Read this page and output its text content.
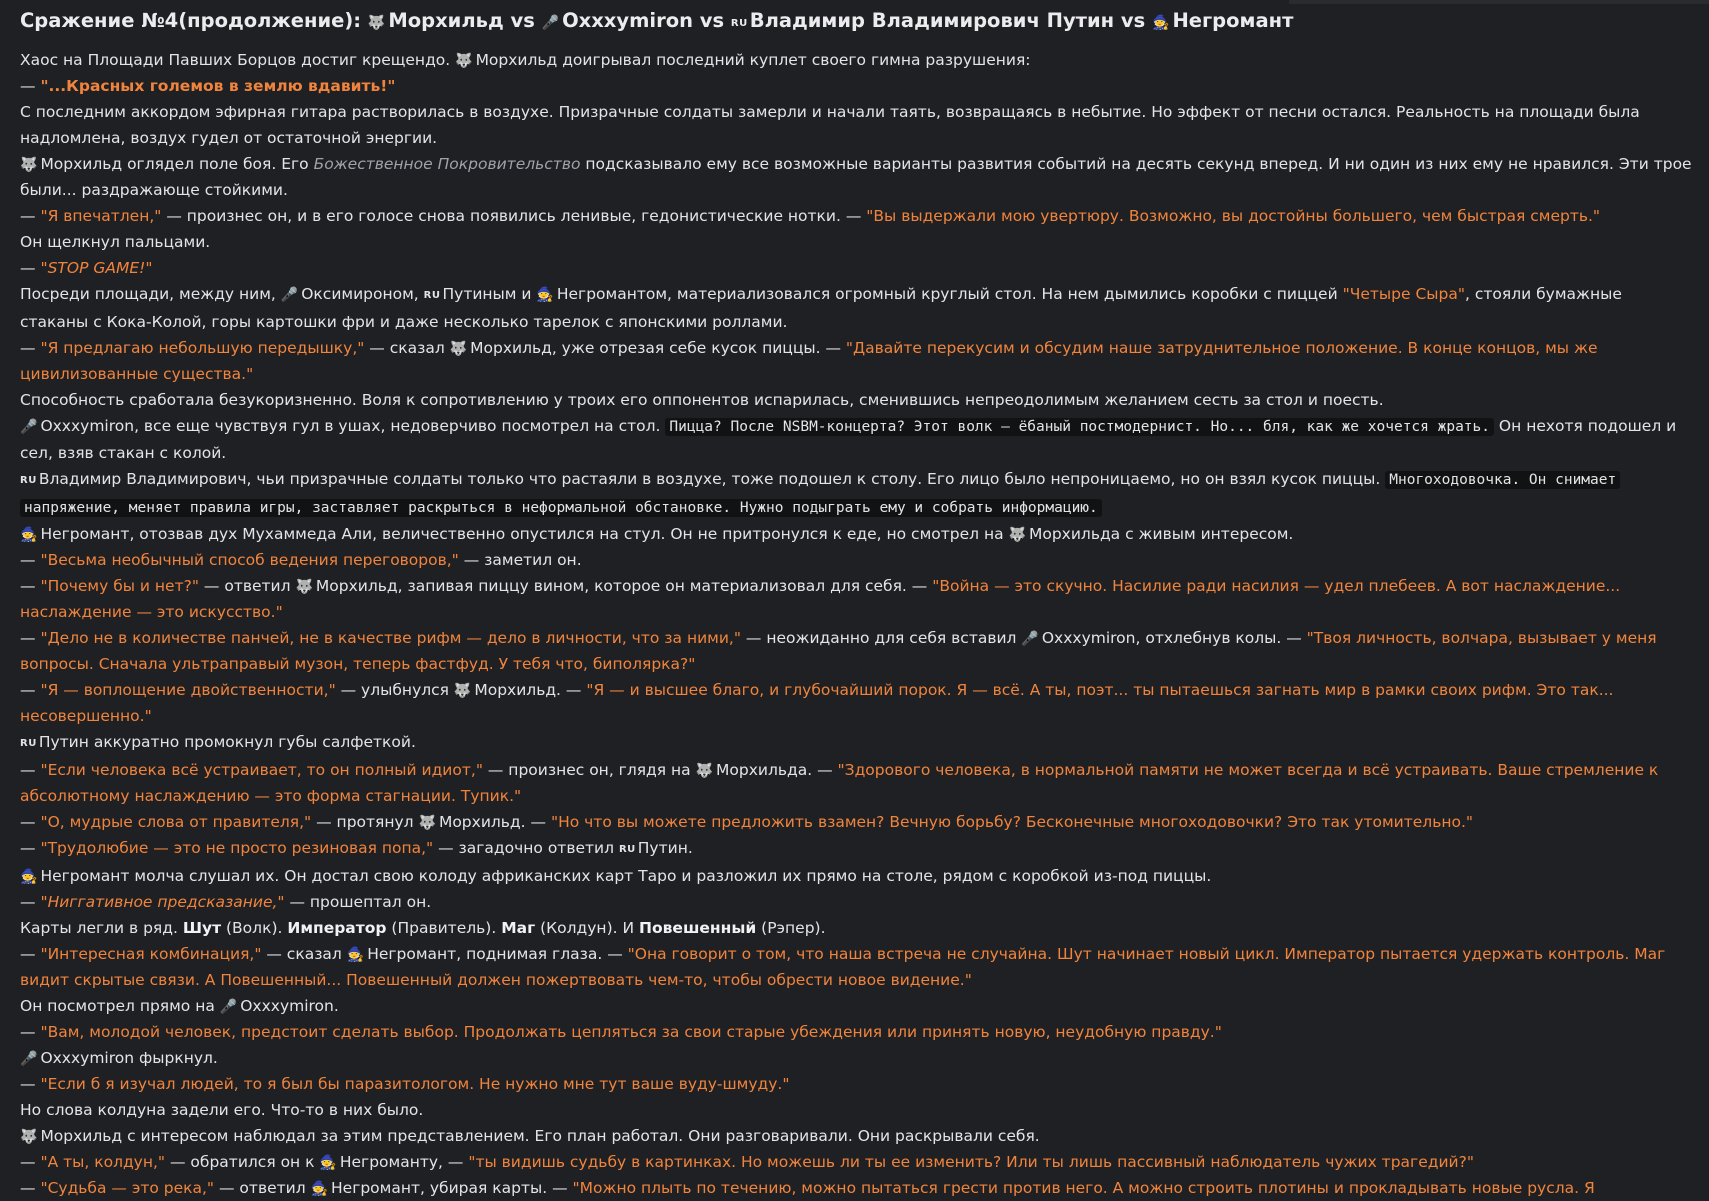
Сражение №4(продолжение): 🐺 Морхильд vs 🎤 Oxxxymiron vs RU Владимир Владимирович Путин vs 🧙 Негромант

Хаос на Площади Павших Борцов достиг крещендо. 🐺 Морхильд доигрывал последний куплет своего гимна разрушения:

— "...Красных големов в землю вдавить!"

С последним аккордом эфирная гитара растворилась в воздухе. Призрачные солдаты замерли и начали таять, возвращаясь в небытие. Но эффект от песни остался. Реальность на площади была надломлена, воздух гудел от остаточной энергии.

🐺 Морхильд оглядел поле боя. Его Божественное Покровительство подсказывало ему все возможные варианты развития событий на десять секунд вперед. И ни один из них ему не нравился. Эти трое были... раздражающе стойкими.

— "Я впечатлен," — произнес он, и в его голосе снова появились ленивые, гедонистические нотки. — "Вы выдержали мою увертюру. Возможно, вы достойны большего, чем быстрая смерть."

Он щелкнул пальцами.

— "STOP GAME!"

Посреди площади, между ним, 🎤 Оксимироном, RU Путиным и 🧙 Негромантом, материализовался огромный круглый стол. На нем дымились коробки с пиццей "Четыре Сыра", стояли бумажные стаканы с Кока-Колой, горы картошки фри и даже несколько тарелок с японскими роллами.

— "Я предлагаю небольшую передышку," — сказал 🐺 Морхильд, уже отрезая себе кусок пиццы. — "Давайте перекусим и обсудим наше затруднительное положение. В конце концов, мы же цивилизованные существа."

Способность сработала безукоризненно. Воля к сопротивлению у троих его оппонентов испарилась, сменившись непреодолимым желанием сесть за стол и поесть.

🎤 Oxxxymiron, все еще чувствуя гул в ушах, недоверчиво посмотрел на стол. Пицца? После NSBM-концерта? Этот волк — ёбаный постмодернист. Но... бля, как же хочется жрать. Он нехотя подошел и сел, взяв стакан с колой.

RU Владимир Владимирович, чьи призрачные солдаты только что растаяли в воздухе, тоже подошел к столу. Его лицо было непроницаемо, но он взял кусок пиццы. Многоходовочка. Он снимает напряжение, меняет правила игры, заставляет раскрыться в неформальной обстановке. Нужно подыграть ему и собрать информацию.

🧙 Негромант, отозвав дух Мухаммеда Али, величественно опустился на стул. Он не притронулся к еде, но смотрел на 🐺 Морхильда с живым интересом.

— "Весьма необычный способ ведения переговоров," — заметил он.

— "Почему бы и нет?" — ответил 🐺 Морхильд, запивая пиццу вином, которое он материализовал для себя. — "Война — это скучно. Насилие ради насилия — удел плебеев. А вот наслаждение... наслаждение — это искусство."

— "Дело не в количестве панчей, не в качестве рифм — дело в личности, что за ними," — неожиданно для себя вставил 🎤 Oxxxymiron, отхлебнув колы. — "Твоя личность, волчара, вызывает у меня вопросы. Сначала ультраправый музон, теперь фастфуд. У тебя что, биполярка?"

— "Я — воплощение двойственности," — улыбнулся 🐺 Морхильд. — "Я — и высшее благо, и глубочайший порок. Я — всё. А ты, поэт... ты пытаешься загнать мир в рамки своих рифм. Это так... несовершенно."

RU Путин аккуратно промокнул губы салфеткой.

— "Если человека всё устраивает, то он полный идиот," — произнес он, глядя на 🐺 Морхильда. — "Здорового человека, в нормальной памяти не может всегда и всё устраивать. Ваше стремление к абсолютному наслаждению — это форма стагнации. Тупик."

— "О, мудрые слова от правителя," — протянул 🐺 Морхильд. — "Но что вы можете предложить взамен? Вечную борьбу? Бесконечные многоходовочки? Это так утомительно."

— "Трудолюбие — это не просто резиновая попа," — загадочно ответил RU Путин.

🧙 Негромант молча слушал их. Он достал свою колоду африканских карт Таро и разложил их прямо на столе, рядом с коробкой из-под пиццы.

— "Ниггативное предсказание," — прошептал он.

Карты легли в ряд. Шут (Волк). Император (Правитель). Маг (Колдун). И Повешенный (Рэпер).

— "Интересная комбинация," — сказал 🧙 Негромант, поднимая глаза. — "Она говорит о том, что наша встреча не случайна. Шут начинает новый цикл. Император пытается удержать контроль. Маг видит скрытые связи. А Повешенный... Повешенный должен пожертвовать чем-то, чтобы обрести новое видение."

Он посмотрел прямо на 🎤 Oxxxymiron.

— "Вам, молодой человек, предстоит сделать выбор. Продолжать цепляться за свои старые убеждения или принять новую, неудобную правду."

🎤 Oxxxymiron фыркнул.

— "Если б я изучал людей, то я был бы паразитологом. Не нужно мне тут ваше вуду-шмуду."

Но слова колдуна задели его. Что-то в них было.

🐺 Морхильд с интересом наблюдал за этим представлением. Его план работал. Они разговаривали. Они раскрывали себя.

— "А ты, колдун," — обратился он к 🧙 Негроманту, — "ты видишь судьбу в картинках. Но можешь ли ты ее изменить? Или ты лишь пассивный наблюдатель чужих трагедий?"

— "Судьба — это река," — ответил 🧙 Негромант, убирая карты. — "Можно плыть по течению, можно пытаться грести против него. А можно строить плотины и прокладывать новые русла. Я
